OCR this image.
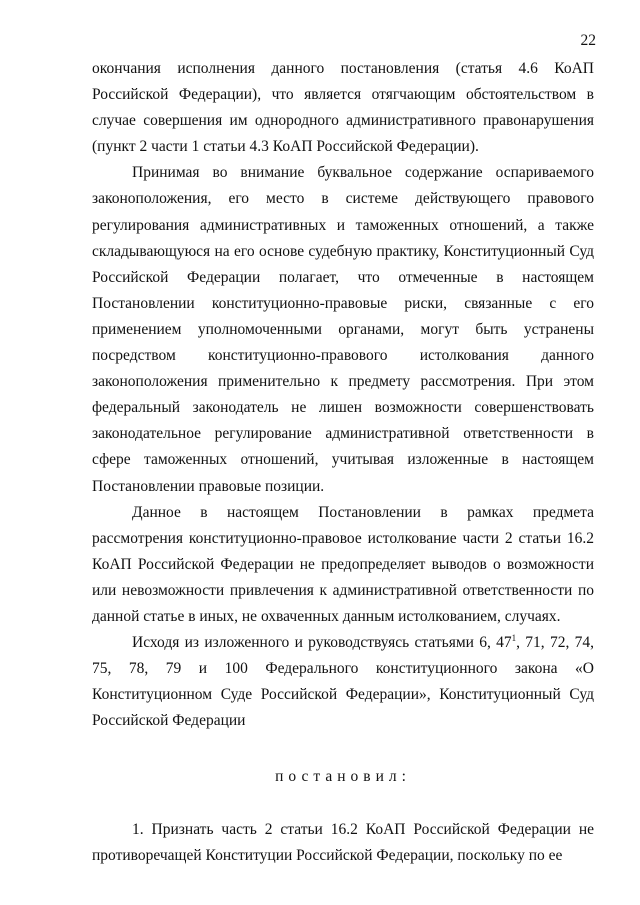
22

окончания исполнения данного постановления (статья 4.6 КоАП Российской Федерации), что является отягчающим обстоятельством в случае совершения им однородного административного правонарушения (пункт 2 части 1 статьи 4.3 КоАП Российской Федерации).

Принимая во внимание буквальное содержание оспариваемого законоположения, его место в системе действующего правового регулирования административных и таможенных отношений, а также складывающуюся на его основе судебную практику, Конституционный Суд Российской Федерации полагает, что отмеченные в настоящем Постановлении конституционно-правовые риски, связанные с его применением уполномоченными органами, могут быть устранены посредством конституционно-правового истолкования данного законоположения применительно к предмету рассмотрения. При этом федеральный законодатель не лишен возможности совершенствовать законодательное регулирование административной ответственности в сфере таможенных отношений, учитывая изложенные в настоящем Постановлении правовые позиции.

Данное в настоящем Постановлении в рамках предмета рассмотрения конституционно-правовое истолкование части 2 статьи 16.2 КоАП Российской Федерации не предопределяет выводов о возможности или невозможности привлечения к административной ответственности по данной статье в иных, не охваченных данным истолкованием, случаях.

Исходя из изложенного и руководствуясь статьями 6, $47^1$, 71, 72, 74, 75, 78, 79 и 100 Федерального конституционного закона «О Конституционном Суде Российской Федерации», Конституционный Суд Российской Федерации

постановил:

1. Признать часть 2 статьи 16.2 КоАП Российской Федерации не противоречащей Конституции Российской Федерации, поскольку по ее
